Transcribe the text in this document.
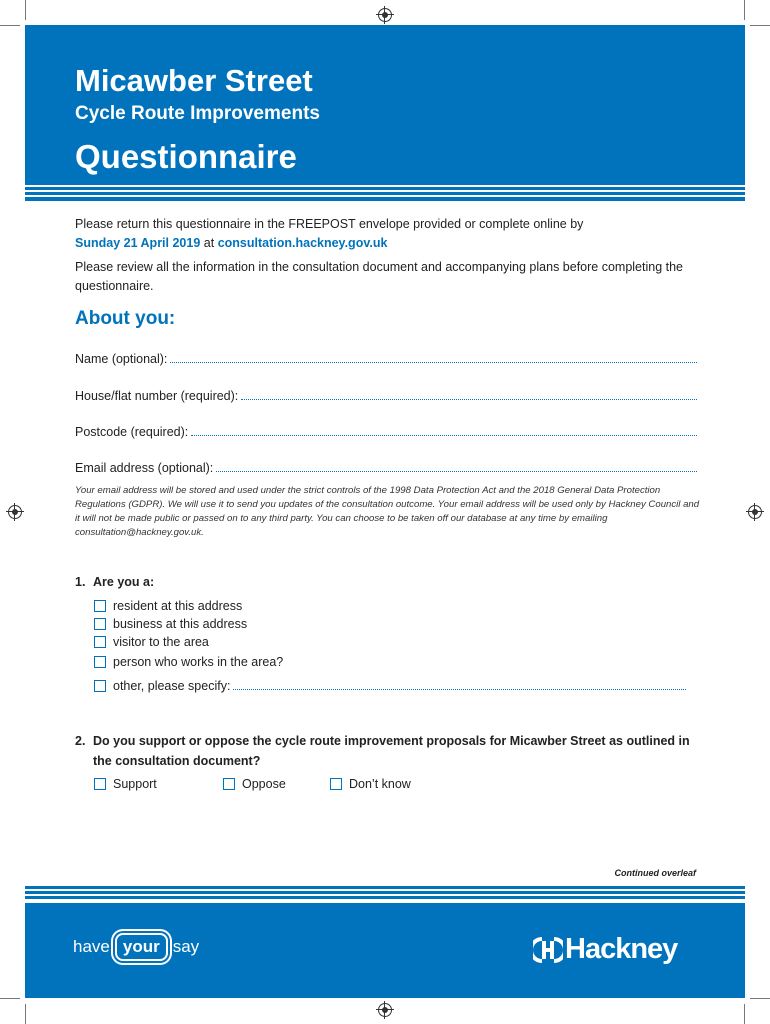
Micawber Street
Cycle Route Improvements
Questionnaire

Please return this questionnaire in the FREEPOST envelope provided or complete online by
Sunday 21 April 2019 at consultation.hackney.gov.uk

Please review all the information in the consultation document and accompanying plans before completing the questionnaire.

About you:
Name (optional):
House/flat number (required):
Postcode (required):
Email address (optional):

Your email address will be stored and used under the strict controls of the 1998 Data Protection Act and the 2018 General Data Protection Regulations (GDPR). We will use it to send you updates of the consultation outcome. Your email address will be used only by Hackney Council and it will not be made public or passed on to any third party. You can choose to be taken off our database at any time by emailing consultation@hackney.gov.uk.

1. Are you a:

resident at this address
business at this address
visitor to the area
person who works in the area?
other, please specify:

2. Do you support or oppose the cycle route improvement proposals for Micawber Street as outlined in the consultation document?

Support	Oppose	Don’t know

Continued overleaf

have your say	Hackney
